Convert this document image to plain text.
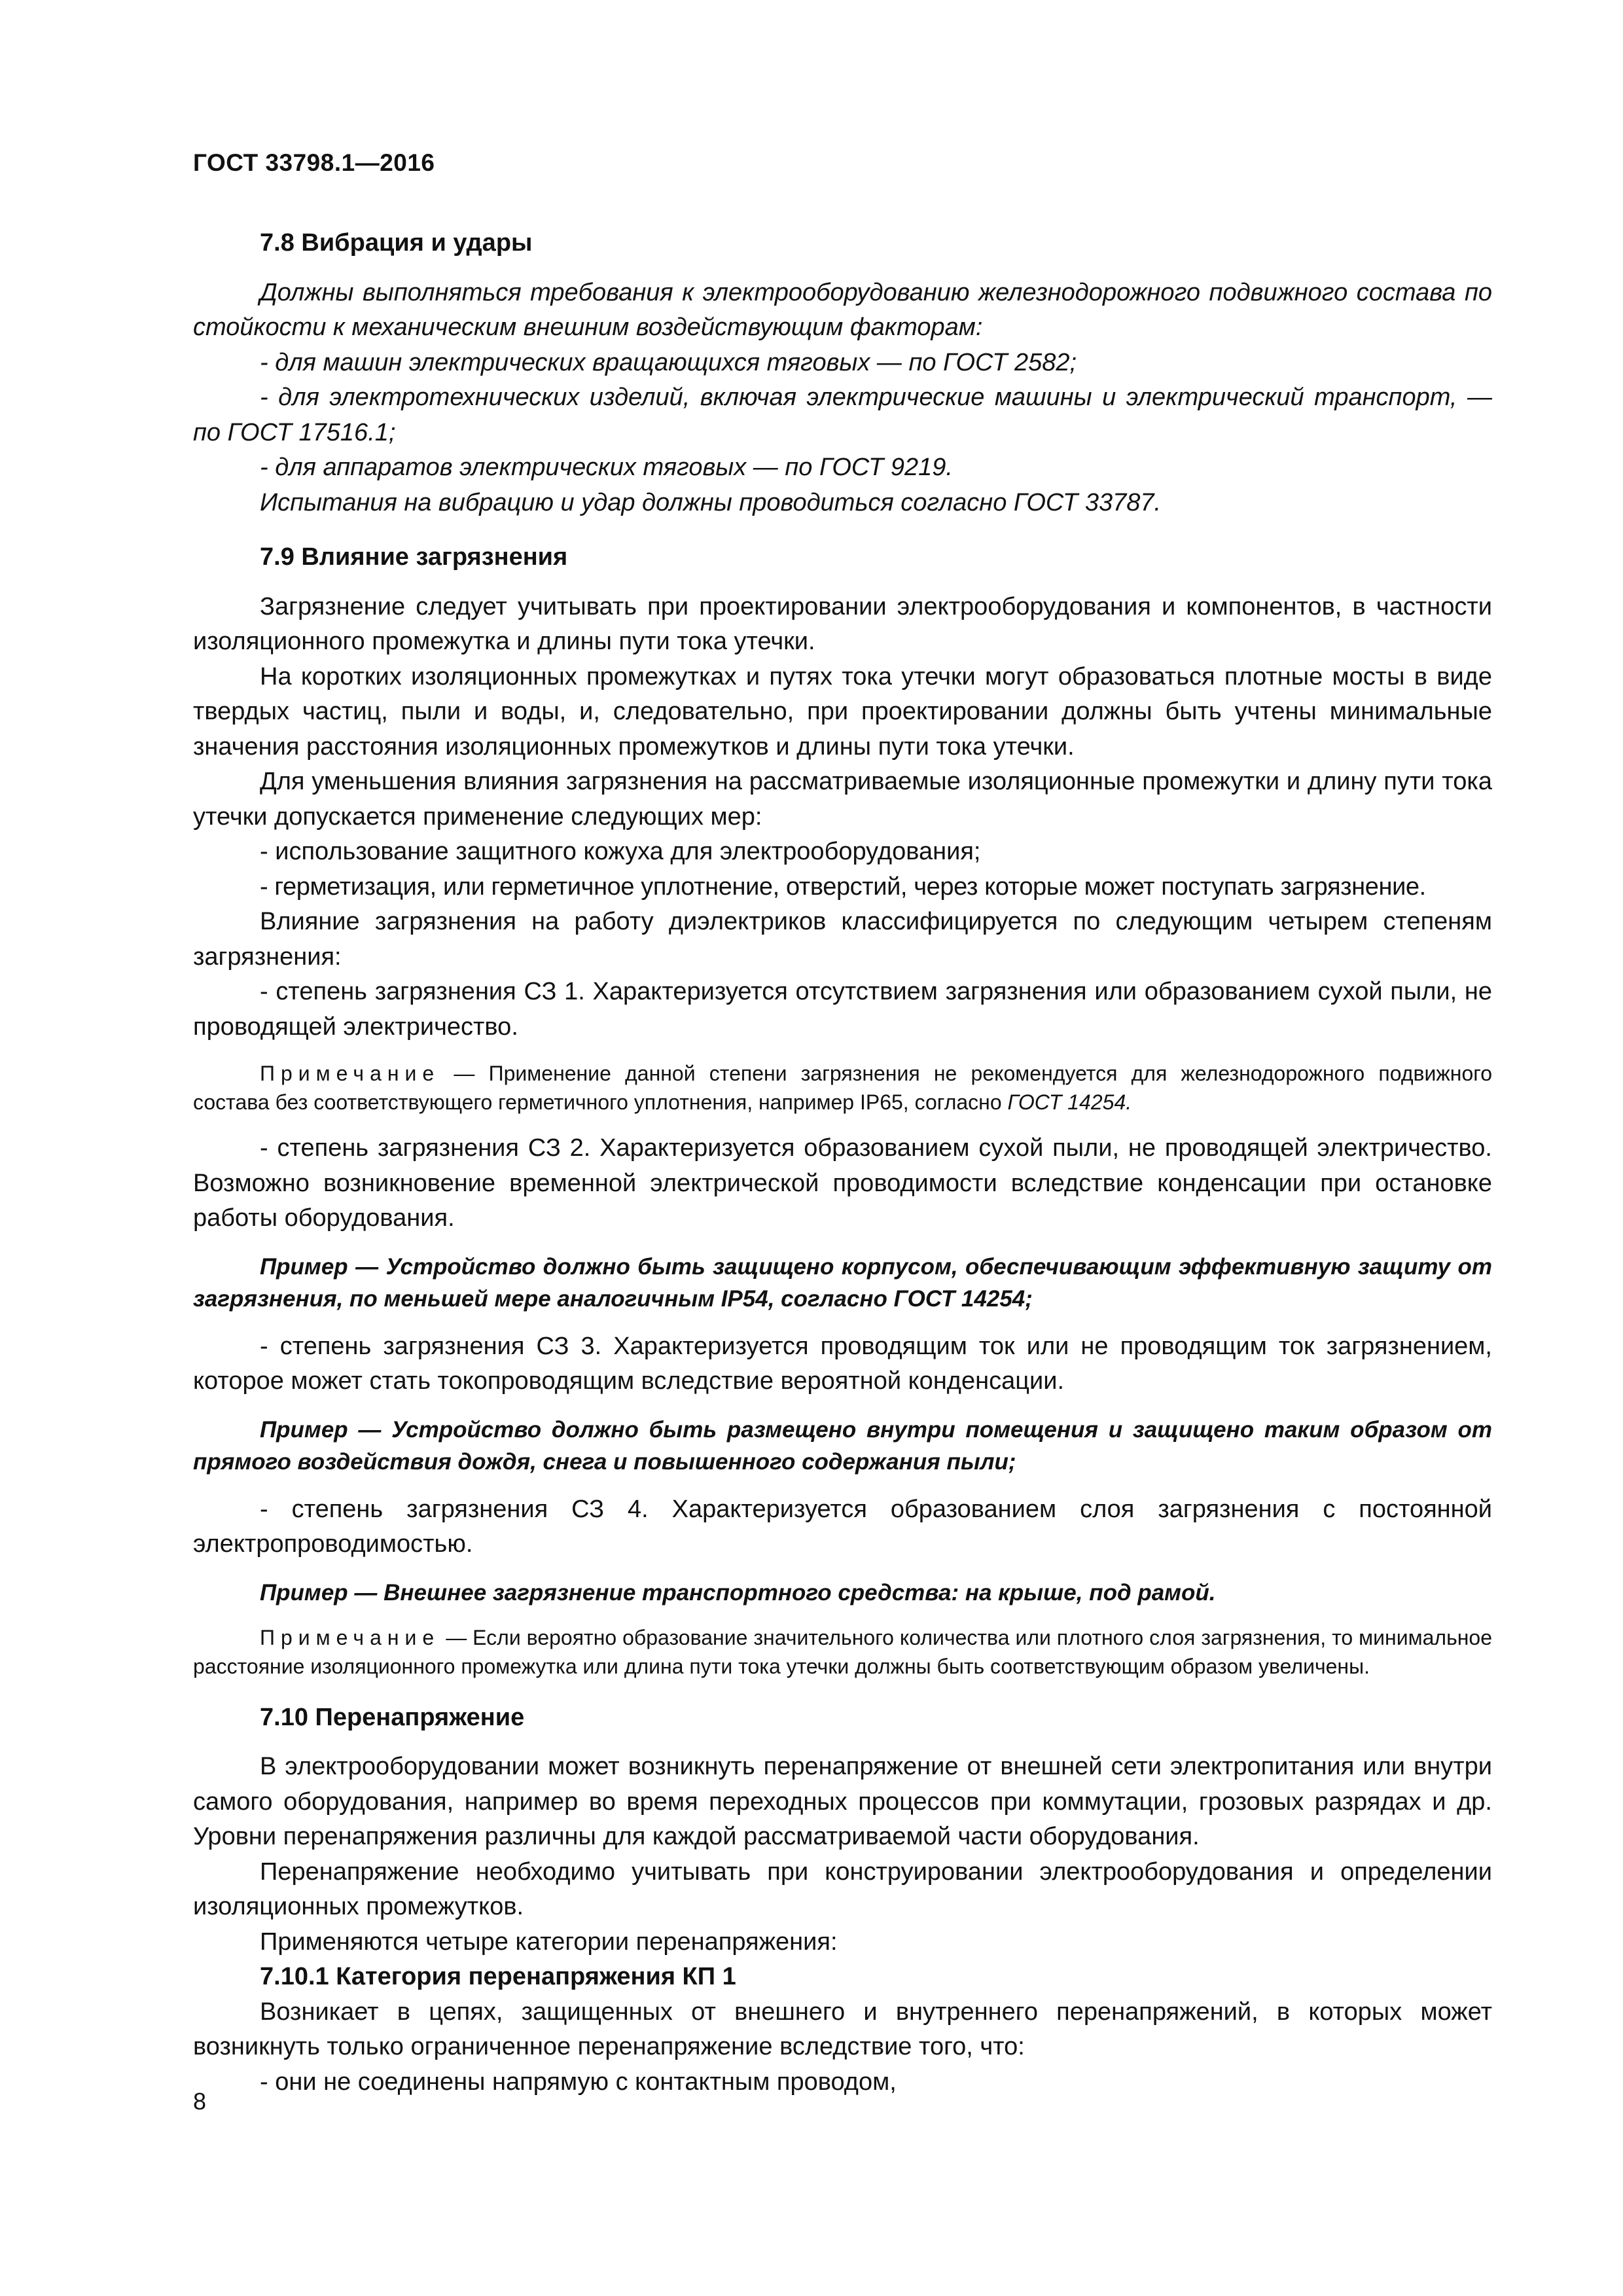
ГОСТ 33798.1—2016
7.8 Вибрация и удары

Должны выполняться требования к электрооборудованию железнодорожного подвижного состава по стойкости к механическим внешним воздействующим факторам:

- для машин электрических вращающихся тяговых — по ГОСТ 2582;

- для электротехнических изделий, включая электрические машины и электрический транспорт, — по ГОСТ 17516.1;

- для аппаратов электрических тяговых — по ГОСТ 9219.

Испытания на вибрацию и удар должны проводиться согласно ГОСТ 33787.

7.9 Влияние загрязнения

Загрязнение следует учитывать при проектировании электрооборудования и компонентов, в частности изоляционного промежутка и длины пути тока утечки.

На коротких изоляционных промежутках и путях тока утечки могут образоваться плотные мосты в виде твердых частиц, пыли и воды, и, следовательно, при проектировании должны быть учтены минимальные значения расстояния изоляционных промежутков и длины пути тока утечки.

Для уменьшения влияния загрязнения на рассматриваемые изоляционные промежутки и длину пути тока утечки допускается применение следующих мер:

- использование защитного кожуха для электрооборудования;

- герметизация, или герметичное уплотнение, отверстий, через которые может поступать загрязнение.

Влияние загрязнения на работу диэлектриков классифицируется по следующим четырем степеням загрязнения:

- степень загрязнения СЗ 1. Характеризуется отсутствием загрязнения или образованием сухой пыли, не проводящей электричество.

Примечание — Применение данной степени загрязнения не рекомендуется для железнодорожного подвижного состава без соответствующего герметичного уплотнения, например IP65, согласно ГОСТ 14254.

- степень загрязнения СЗ 2. Характеризуется образованием сухой пыли, не проводящей электричество. Возможно возникновение временной электрической проводимости вследствие конденсации при остановке работы оборудования.

Пример — Устройство должно быть защищено корпусом, обеспечивающим эффективную защиту от загрязнения, по меньшей мере аналогичным IP54, согласно ГОСТ 14254;

- степень загрязнения СЗ 3. Характеризуется проводящим ток или не проводящим ток загрязнением, которое может стать токопроводящим вследствие вероятной конденсации.

Пример — Устройство должно быть размещено внутри помещения и защищено таким образом от прямого воздействия дождя, снега и повышенного содержания пыли;

- степень загрязнения СЗ 4. Характеризуется образованием слоя загрязнения с постоянной электропроводимостью.

Пример — Внешнее загрязнение транспортного средства: на крыше, под рамой.

Примечание — Если вероятно образование значительного количества или плотного слоя загрязнения, то минимальное расстояние изоляционного промежутка или длина пути тока утечки должны быть соответствующим образом увеличены.

7.10 Перенапряжение

В электрооборудовании может возникнуть перенапряжение от внешней сети электропитания или внутри самого оборудования, например во время переходных процессов при коммутации, грозовых разрядах и др. Уровни перенапряжения различны для каждой рассматриваемой части оборудования.

Перенапряжение необходимо учитывать при конструировании электрооборудования и определении изоляционных промежутков.

Применяются четыре категории перенапряжения:

7.10.1 Категория перенапряжения КП 1

Возникает в цепях, защищенных от внешнего и внутреннего перенапряжений, в которых может возникнуть только ограниченное перенапряжение вследствие того, что:

- они не соединены напрямую с контактным проводом,

8
